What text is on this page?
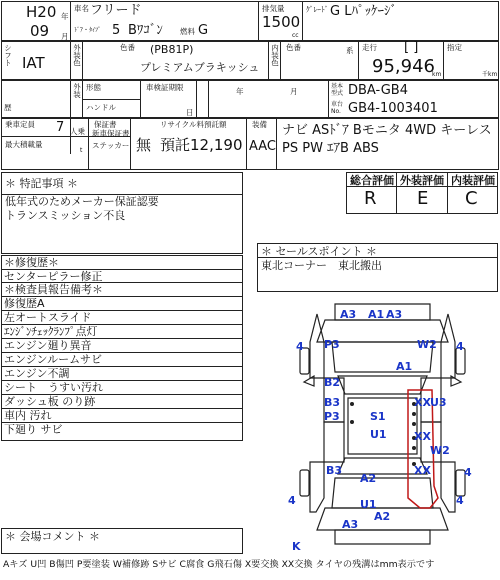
H20 年
09 月
車名 フリード
ﾄﾞｱ・ﾀｲﾌﾟ 5 Bﾜｺﾞﾝ 燃料 G
排気量
1500
cc
ｸﾞﾚｰﾄﾞ G Lﾊﾟｯｹｰｼﾞ
シフト IAT	外装色	色番 (PB81P)
プレミアムブラキッシュ
内装色 色番	系 走行 [ ]
95,946
km
指定
千km
歴
外装 形態
ハンドル
車検証期限
日
年	月
基本型式 DBA-GB4
車台No. GB4-1003401
乗車定員 7 人乗
最大積載量
t
保証書
新車保証書
ステッカー 無
リサイクル料預託額
預託12,190 AAC
装備 ナビ ASﾄﾞｱ Bモニタ 4WD キーレス PS PW ｴｱB ABS
＊ 特記事項 ＊
低年式のためメーカー保証認要
トランスミッション不良
総合評価 外装評価 内装評価
R E C
＊ セールスポイント ＊
東北コーナー　東北搬出
＊修復歴＊
センターピラー修正
＊検査員報告備考＊
修復歴A
左オートスライド
ｴﾝｼﾞﾝﾁｪｯｸﾗﾝﾌﾟ点灯
エンジン廻り異音
エンジンルームサビ
エンジン不調
シート　うすい汚れ
ダッシュ板 のり跡
車内 汚れ
下廻り サビ
＊ 会場コメント ＊
A3 A1 A3
4 P3	W2 4
A1
B2
B3
P3	S1
U1
XX U3
XX
W2
XX
B3
A2	4
4	U1
A2
A3
4
K
Aキズ U凹 B傷凹 P要塗装 W補修跡 Sサビ C腐食 G飛石傷 X要交換 XX交換 タイヤの残溝はmm表示です
